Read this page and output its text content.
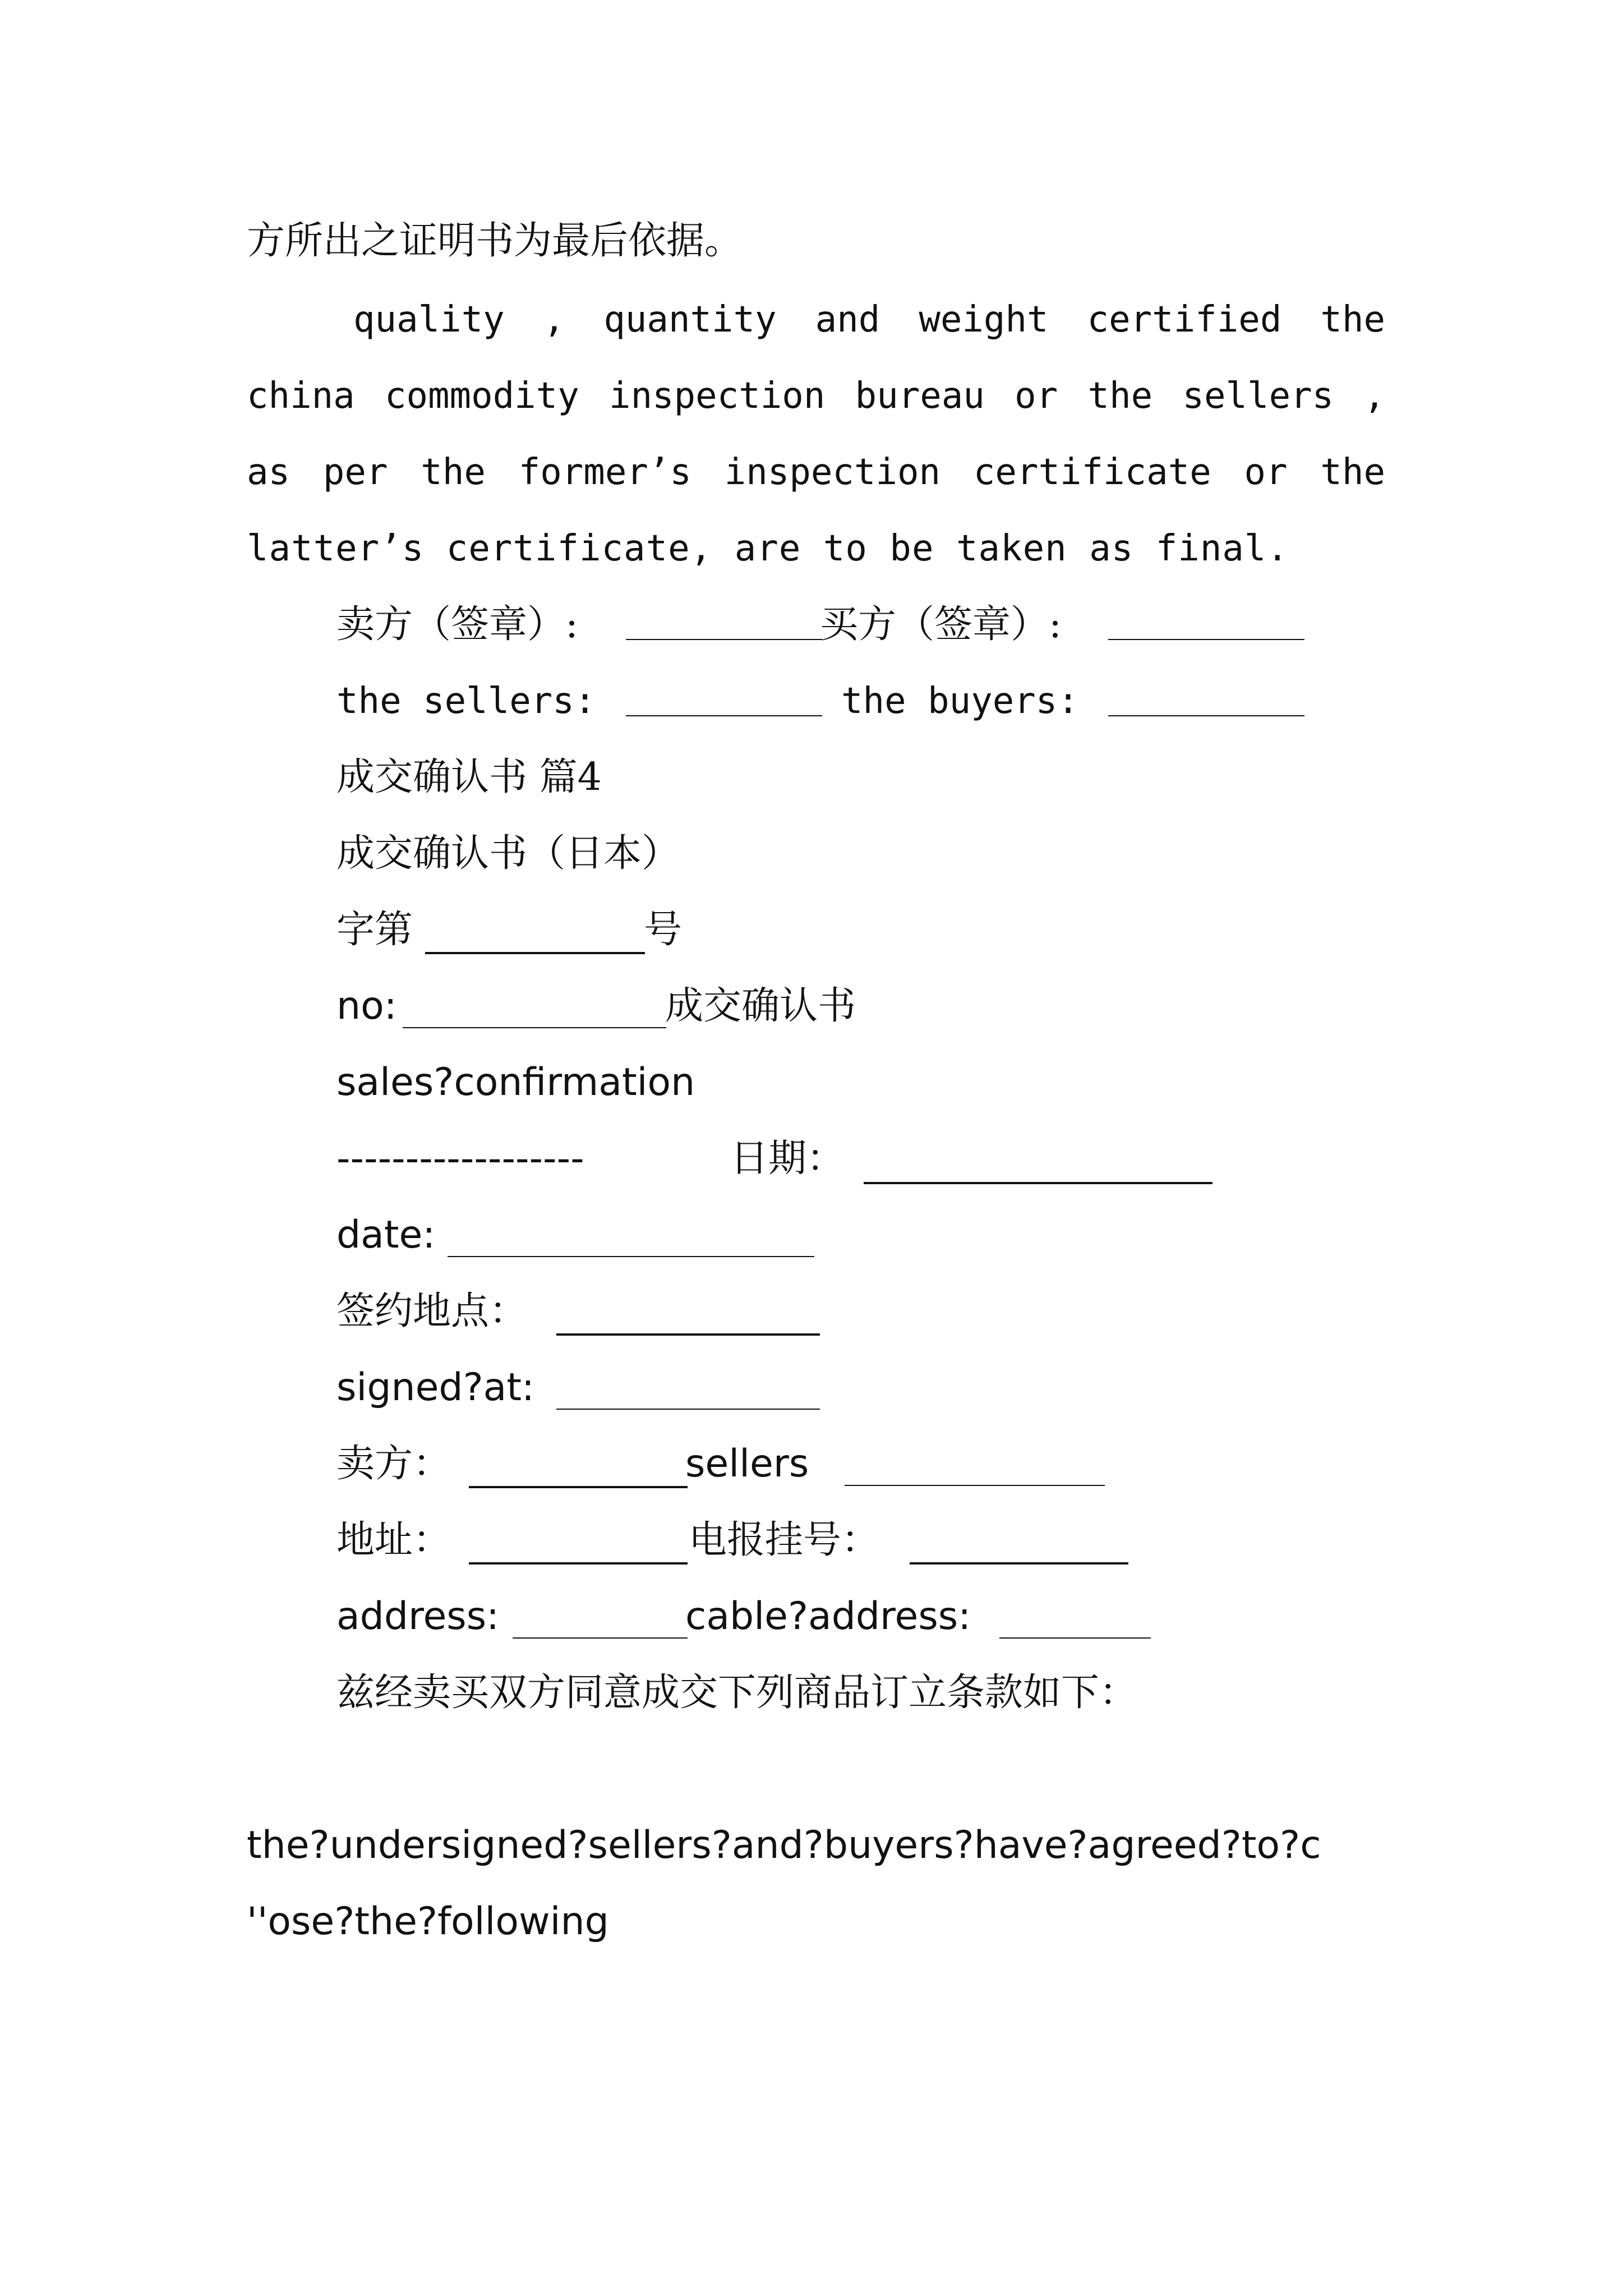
方所出之证明书为最后依据。
quality , quantity and weight certified the
china commodity inspection bureau or the sellers ,
as per the former’s inspection certificate or the
latter’s certificate, are to be taken as final.
卖方（签章）:	买方（签章）:
the sellers:	the buyers:
成交确认书 篇4
成交确认书（日本）
字第	号
no:	成交确认书
sales?confirmation
------------------	日期：
date:
签约地点：
signed?at:
卖方：	sellers
地址：	电报挂号：
address:	cable?address:
兹经卖买双方同意成交下列商品订立条款如下：
the?undersigned?sellers?and?buyers?have?agreed?to?c
''ose?the?following
